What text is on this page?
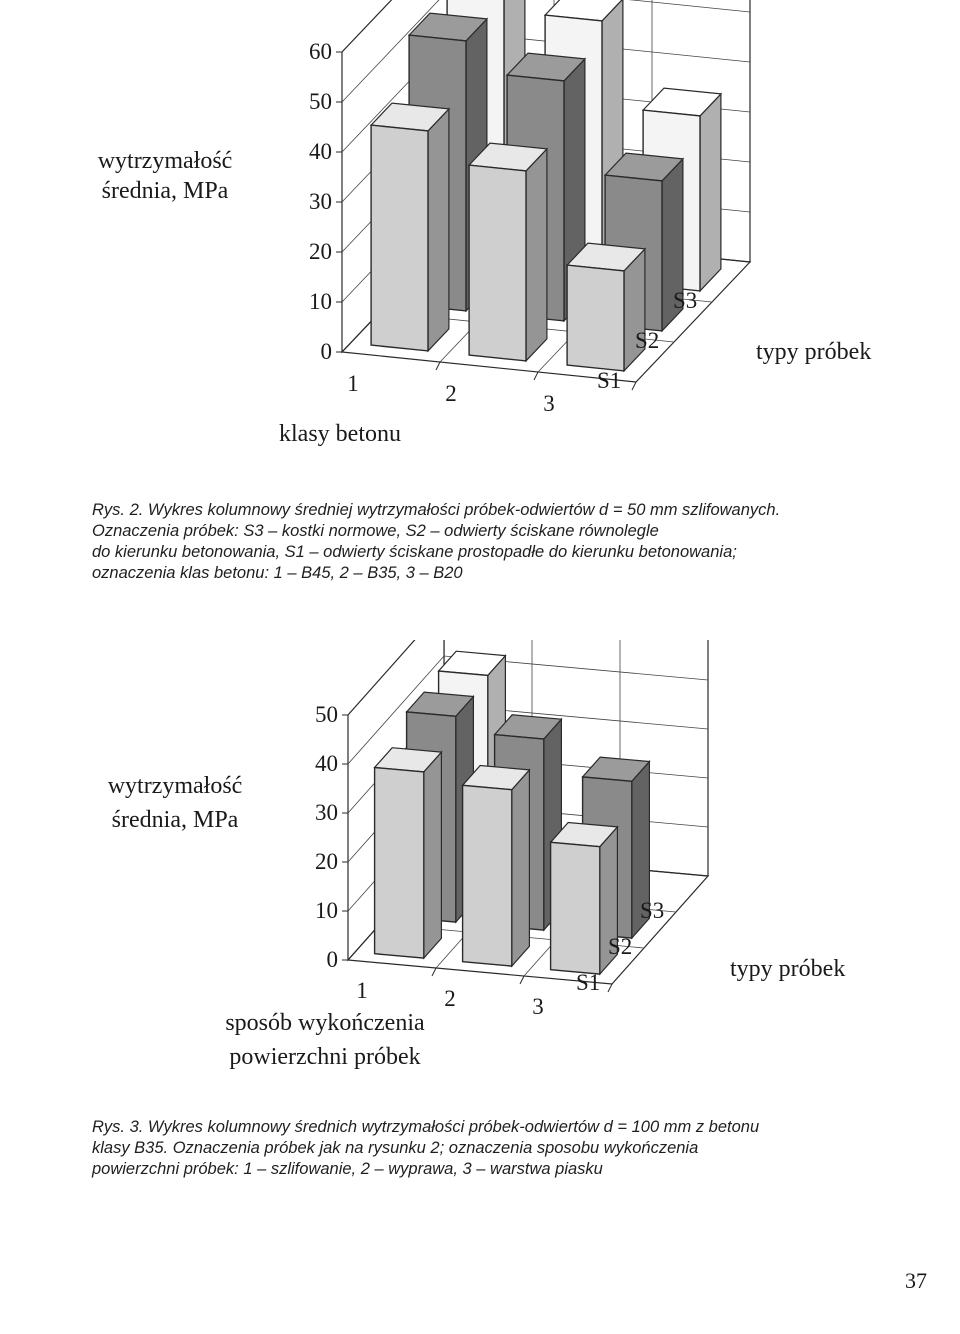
0
10
20
30
40
50
60
1	2	3
S1
S2
S3
wytrzymałość
średnia, MPa
klasy betonu
typy próbek

Rys. 2. Wykres kolumnowy średniej wytrzymałości próbek-odwiertów d = 50 mm szlifowanych.

Oznaczenia próbek: S3 – kostki normowe, S2 – odwierty ściskane równolegle

do kierunku betonowania, S1 – odwierty ściskane prostopadłe do kierunku betonowania;

oznaczenia klas betonu: 1 – B45, 2 – B35, 3 – B20

0
10
20
30
40
50
1	2	3
S1
S2
S3
wytrzymałość
średnia, MPa
sposób wykończenia
powierzchni próbek
typy próbek

Rys. 3. Wykres kolumnowy średnich wytrzymałości próbek-odwiertów d = 100 mm z betonu

klasy B35. Oznaczenia próbek jak na rysunku 2; oznaczenia sposobu wykończenia

powierzchni próbek: 1 – szlifowanie, 2 – wyprawa, 3 – warstwa piasku

37
